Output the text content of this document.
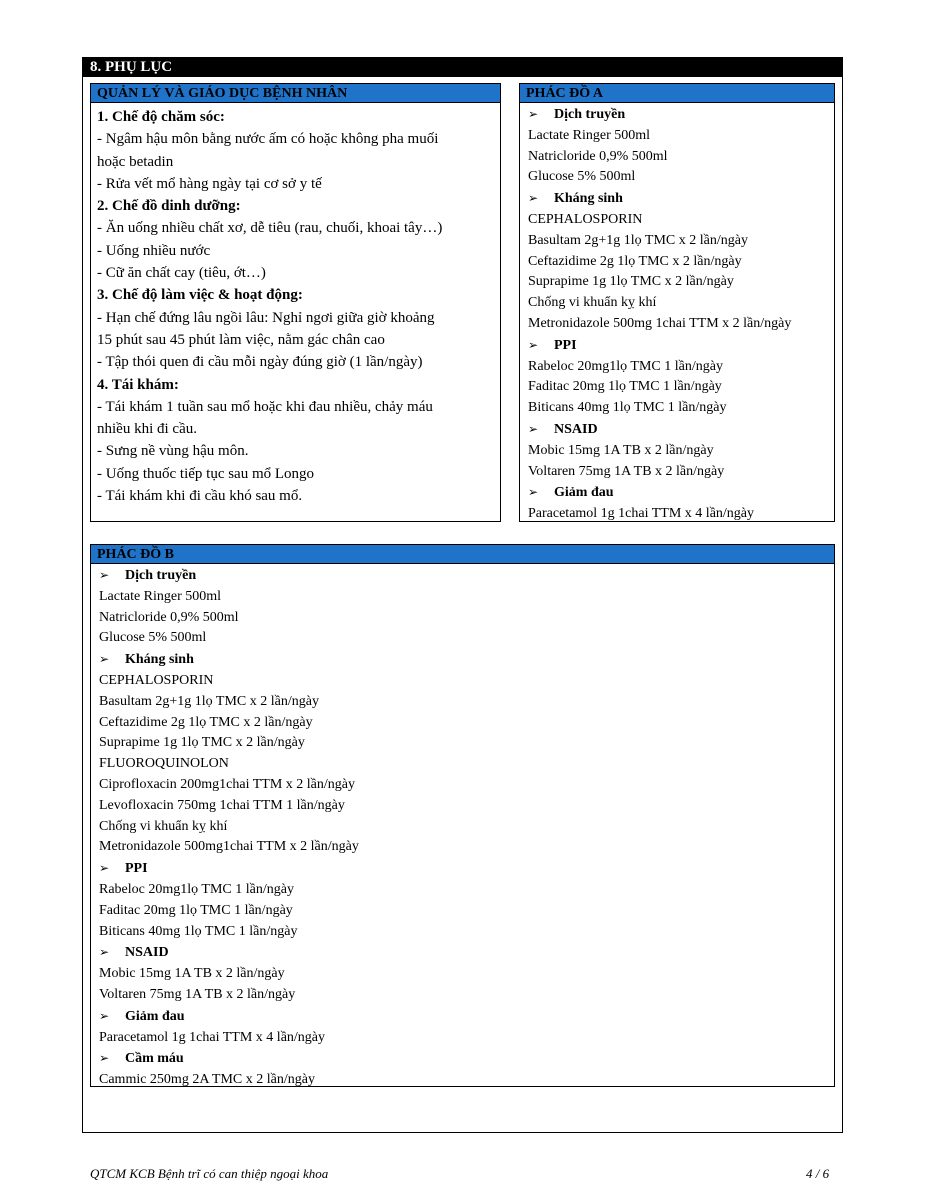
8. PHỤ LỤC
QUẢN LÝ VÀ GIÁO DỤC BỆNH NHÂN
1. Chế độ chăm sóc:
- Ngâm hậu môn bằng nước ấm có hoặc không pha muối
hoặc betadin
- Rửa vết mổ hàng ngày tại cơ sở y tế
2. Chế đồ dinh dưỡng:
- Ăn uống nhiều chất xơ, dễ tiêu (rau, chuối, khoai tây…)
- Uống nhiều nước
- Cữ ăn chất cay (tiêu, ớt…)
3. Chế độ làm việc & hoạt động:
- Hạn chế đứng lâu ngồi lâu: Nghỉ ngơi giữa giờ khoảng
15 phút sau 45 phút làm việc, nằm gác chân cao
- Tập thói quen đi cầu mỗi ngày đúng giờ (1 lần/ngày)
4. Tái khám:
- Tái khám 1 tuần sau mổ hoặc khi đau nhiều, chảy máu
nhiều khi đi cầu.
- Sưng nề vùng hậu môn.
- Uống thuốc tiếp tục sau mổ Longo
- Tái khám khi đi cầu khó sau mổ.
PHÁC ĐỒ A
➢ Dịch truyền
Lactate Ringer 500ml
Natricloride 0,9% 500ml
Glucose 5% 500ml
➢ Kháng sinh
CEPHALOSPORIN
Basultam 2g+1g 1lọ TMC x 2 lần/ngày
Ceftazidime 2g 1lọ TMC x 2 lần/ngày
Suprapime 1g 1lọ TMC x 2 lần/ngày
Chống vi khuẩn kỵ khí
Metronidazole 500mg 1chai TTM x 2 lần/ngày
➢ PPI
Rabeloc 20mg1lọ TMC 1 lần/ngày
Faditac 20mg 1lọ TMC 1 lần/ngày
Biticans 40mg 1lọ TMC 1 lần/ngày
➢ NSAID
Mobic 15mg 1A TB x 2 lần/ngày
Voltaren 75mg 1A TB x 2 lần/ngày
➢ Giảm đau
Paracetamol 1g 1chai TTM x 4 lần/ngày
PHÁC ĐỒ B
➢ Dịch truyền
Lactate Ringer 500ml
Natricloride 0,9% 500ml
Glucose 5% 500ml
➢ Kháng sinh
CEPHALOSPORIN
Basultam 2g+1g 1lọ TMC x 2 lần/ngày
Ceftazidime 2g 1lọ TMC x 2 lần/ngày
Suprapime 1g 1lọ TMC x 2 lần/ngày
FLUOROQUINOLON
Ciprofloxacin 200mg1chai TTM x 2 lần/ngày
Levofloxacin 750mg 1chai TTM 1 lần/ngày
Chống vi khuẩn kỵ khí
Metronidazole 500mg1chai TTM x 2 lần/ngày
➢ PPI
Rabeloc 20mg1lọ TMC 1 lần/ngày
Faditac 20mg 1lọ TMC 1 lần/ngày
Biticans 40mg 1lọ TMC 1 lần/ngày
➢ NSAID
Mobic 15mg 1A TB x 2 lần/ngày
Voltaren 75mg 1A TB x 2 lần/ngày
➢ Giảm đau
Paracetamol 1g 1chai TTM x 4 lần/ngày
➢ Cầm máu
Cammic 250mg 2A TMC x 2 lần/ngày
QTCM KCB Bệnh trĩ có can thiệp ngoại khoa	4 / 6
